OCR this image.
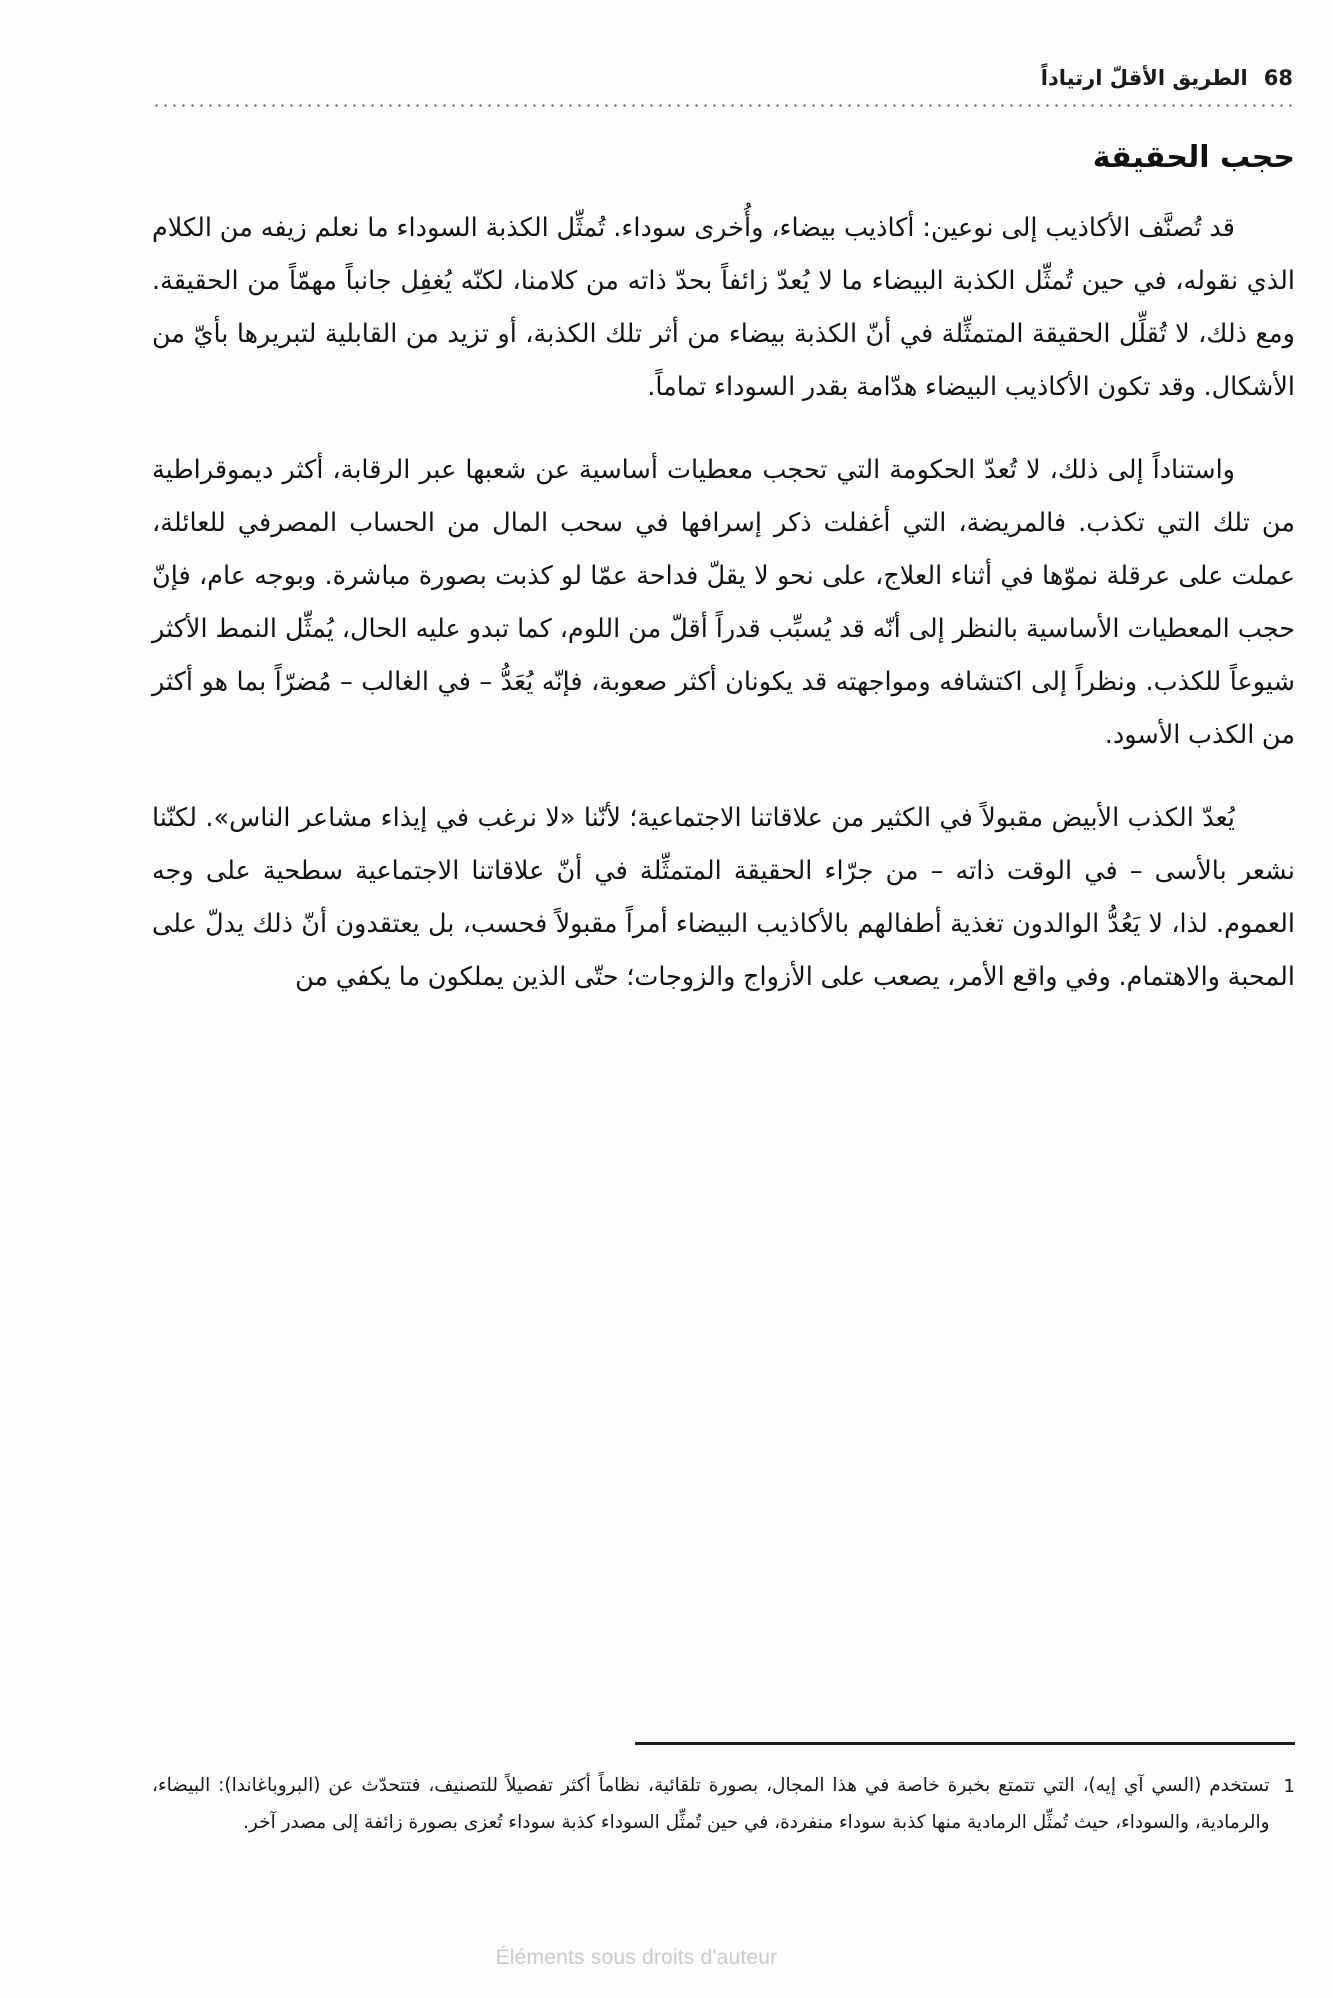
68
الطريق الأقلّ ارتياداً
حجب الحقيقة

قد تُصنَّف الأكاذيب إلى نوعين: أكاذيب بيضاء، وأُخرى سوداء. تُمثِّل الكذبة السوداء ما نعلم زيفه من الكلام الذي نقوله، في حين تُمثِّل الكذبة البيضاء ما لا يُعدّ زائفاً بحدّ ذاته من كلامنا، لكنّه يُغفِل جانباً مهمّاً من الحقيقة. ومع ذلك، لا تُقلِّل الحقيقة المتمثِّلة في أنّ الكذبة بيضاء من أثر تلك الكذبة، أو تزيد من القابلية لتبريرها بأيّ من الأشكال. وقد تكون الأكاذيب البيضاء هدّامة بقدر السوداء تماماً.

واستناداً إلى ذلك، لا تُعدّ الحكومة التي تحجب معطيات أساسية عن شعبها عبر الرقابة، أكثر ديموقراطية من تلك التي تكذب. فالمريضة، التي أغفلت ذكر إسرافها في سحب المال من الحساب المصرفي للعائلة، عملت على عرقلة نموّها في أثناء العلاج، على نحو لا يقلّ فداحة عمّا لو كذبت بصورة مباشرة. وبوجه عام، فإنّ حجب المعطيات الأساسية بالنظر إلى أنّه قد يُسبِّب قدراً أقلّ من اللوم، كما تبدو عليه الحال، يُمثِّل النمط الأكثر شيوعاً للكذب. ونظراً إلى اكتشافه ومواجهته قد يكونان أكثر صعوبة، فإنّه يُعَدُّ – في الغالب – مُضرّاً بما هو أكثر من الكذب الأسود.

يُعدّ الكذب الأبيض مقبولاً في الكثير من علاقاتنا الاجتماعية؛ لأنّنا «لا نرغب في إيذاء مشاعر الناس». لكنّنا نشعر بالأسى – في الوقت ذاته – من جرّاء الحقيقة المتمثِّلة في أنّ علاقاتنا الاجتماعية سطحية على وجه العموم. لذا، لا يَعُدُّ الوالدون تغذية أطفالهم بالأكاذيب البيضاء أمراً مقبولاً فحسب، بل يعتقدون أنّ ذلك يدلّ على المحبة والاهتمام. وفي واقع الأمر، يصعب على الأزواج والزوجات؛ حتّى الذين يملكون ما يكفي من

1
تستخدم (السي آي إيه)، التي تتمتع بخبرة خاصة في هذا المجال، بصورة تلقائية، نظاماً أكثر تفصيلاً للتصنيف، فتتحدّث عن (البروباغاندا): البيضاء، والرمادية، والسوداء، حيث تُمثِّل الرمادية منها كذبة سوداء منفردة، في حين تُمثِّل السوداء كذبة سوداء تُعزى بصورة زائفة إلى مصدر آخر.
Éléments sous droits d'auteur
